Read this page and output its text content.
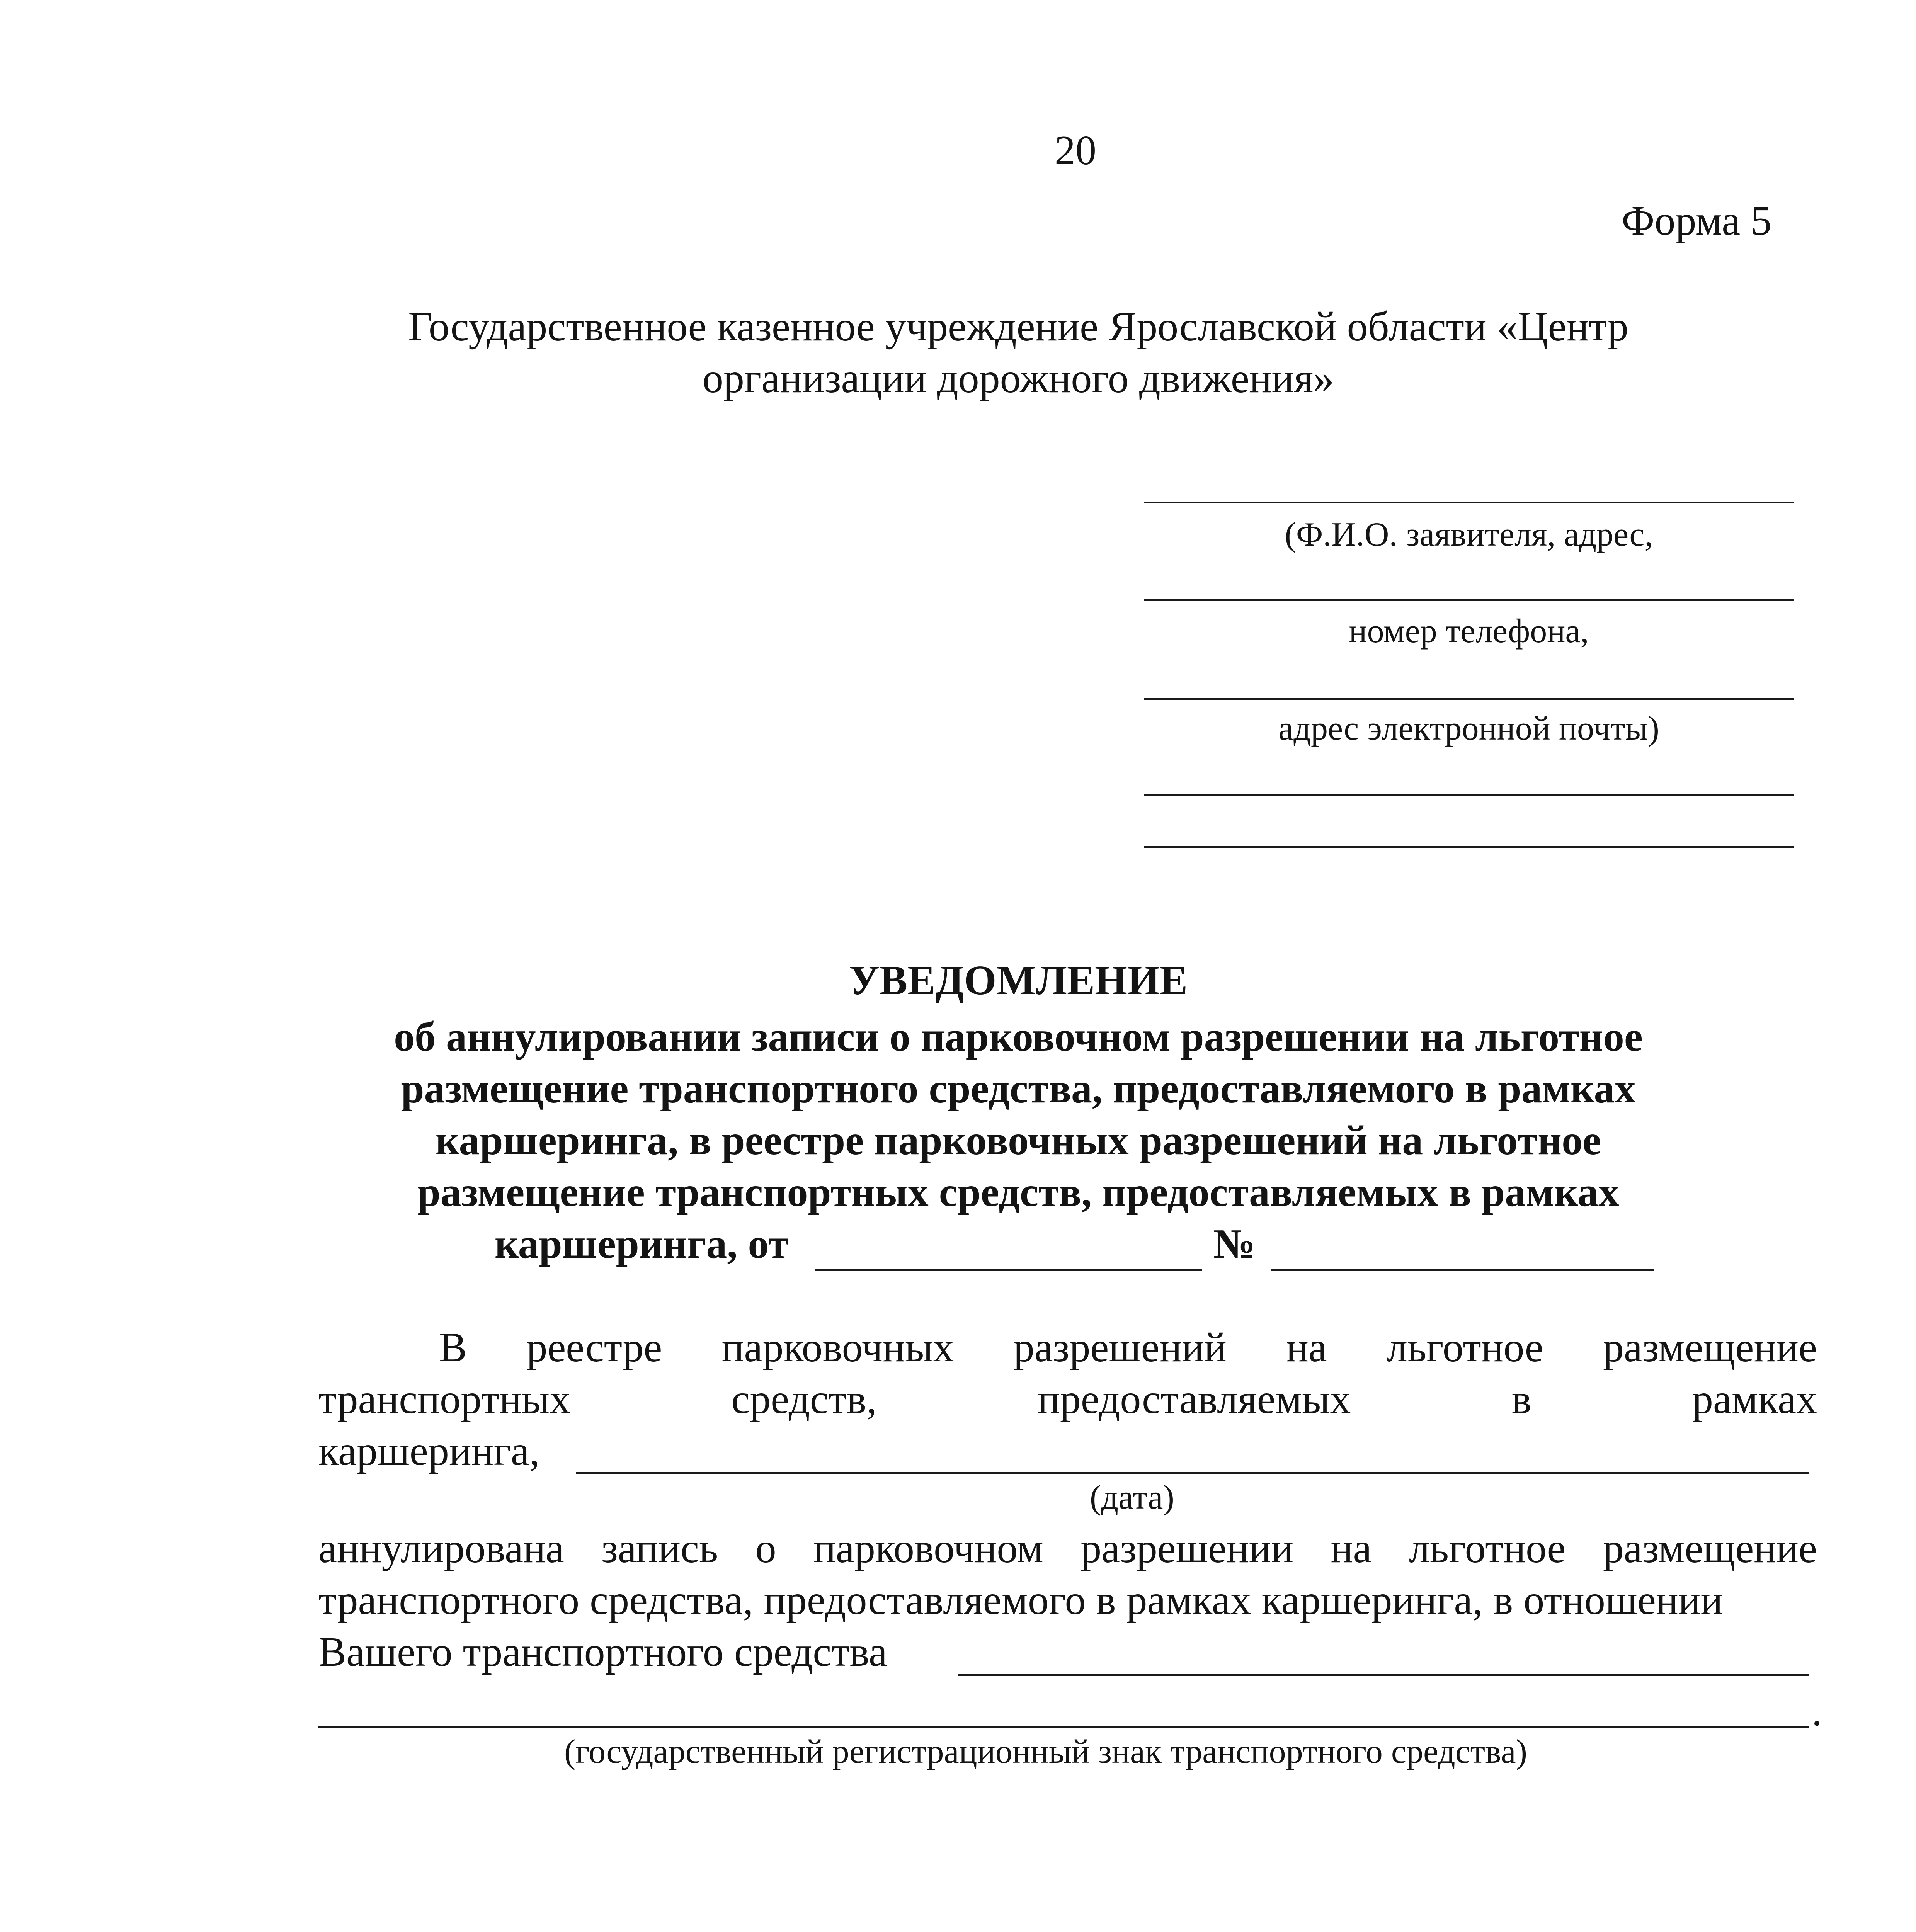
20
Форма 5
Государственное казенное учреждение Ярославской области «Центр
организации дорожного движения»
(Ф.И.О. заявителя, адрес,
номер телефона,
адрес электронной почты)
УВЕДОМЛЕНИЕ
об аннулировании записи о парковочном разрешении на льготное
размещение транспортного средства, предоставляемого в рамках
каршеринга, в реестре парковочных разрешений на льготное
размещение транспортных средств, предоставляемых в рамках
каршеринга, от	№
В реестре парковочных разрешений на льготное размещение
транспортных	средств,	предоставляемых	в	рамках
каршеринга,
(дата)
аннулирована запись о парковочном разрешении на льготное размещение
транспортного средства, предоставляемого в рамках каршеринга, в отношении
Вашего транспортного средства
.
(государственный регистрационный знак транспортного средства)
